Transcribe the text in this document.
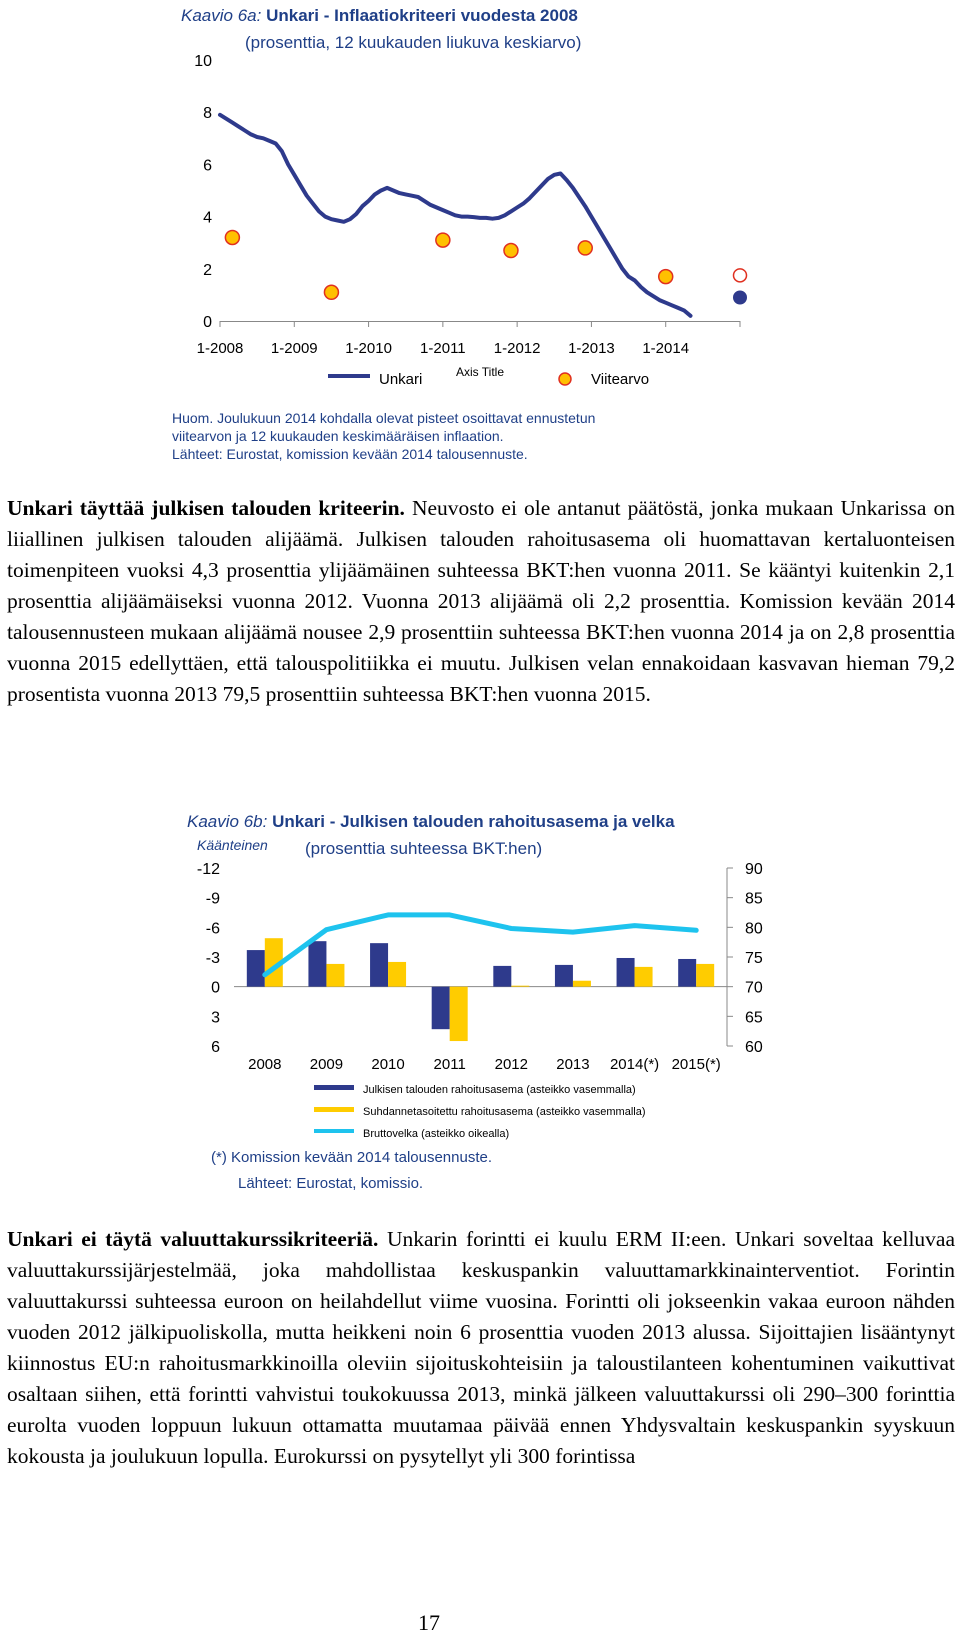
Kaavio 6a: Unkari - Inflaatiokriteeri vuodesta 2008
(prosenttia, 12 kuukauden liukuva keskiarvo)
0
2
4
6
8
10
1-2008 1-2009 1-2010 1-2011 1-2012 1-2013 1-2014
Unkari	Axis Title	Viitearvo
Huom. Joulukuun 2014 kohdalla olevat pisteet osoittavat ennustetun
viitearvon ja 12 kuukauden keskimääräisen inflaation.
Lähteet: Eurostat, komission kevään 2014 talousennuste.
Unkari täyttää julkisen talouden kriteerin. Neuvosto ei ole antanut päätöstä, jonka mukaan Unkarissa on liiallinen julkisen talouden alijäämä. Julkisen talouden rahoitusasema oli huomattavan kertaluonteisen toimenpiteen vuoksi 4,3 prosenttia ylijäämäinen suhteessa BKT:hen vuonna 2011. Se kääntyi kuitenkin 2,1 prosenttia alijäämäiseksi vuonna 2012. Vuonna 2013 alijäämä oli 2,2 prosenttia. Komission kevään 2014 talousennusteen mukaan alijäämä nousee 2,9 prosenttiin suhteessa BKT:hen vuonna 2014 ja on 2,8 prosenttia vuonna 2015 edellyttäen, että talouspolitiikka ei muutu. Julkisen velan ennakoidaan kasvavan hieman 79,2 prosentista vuonna 2013 79,5 prosenttiin suhteessa BKT:hen vuonna 2015.
Kaavio 6b: Unkari - Julkisen talouden rahoitusasema ja velka
Käänteinen (prosenttia suhteessa BKT:hen)
-12
-9
-6
-3
0
3
6	60
65
70
75
80
85
90
2008 2009 2010 2011 2012 2013 2014(*) 2015(*)
Julkisen talouden rahoitusasema (asteikko vasemmalla)
Suhdannetasoitettu rahoitusasema (asteikko vasemmalla)
Bruttovelka (asteikko oikealla)
(*) Komission kevään 2014 talousennuste.
Lähteet: Eurostat, komissio.
Unkari ei täytä valuuttakurssikriteeriä. Unkarin forintti ei kuulu ERM II:een. Unkari soveltaa kelluvaa valuuttakurssijärjestelmää, joka mahdollistaa keskuspankin valuuttamarkkinainterventiot. Forintin valuuttakurssi suhteessa euroon on heilahdellut viime vuosina. Forintti oli jokseenkin vakaa euroon nähden vuoden 2012 jälkipuoliskolla, mutta heikkeni noin 6 prosenttia vuoden 2013 alussa. Sijoittajien lisääntynyt kiinnostus EU:n rahoitusmarkkinoilla oleviin sijoituskohteisiin ja taloustilanteen kohentuminen vaikuttivat osaltaan siihen, että forintti vahvistui toukokuussa 2013, minkä jälkeen valuuttakurssi oli 290–300 forinttia eurolta vuoden loppuun lukuun ottamatta muutamaa päivää ennen Yhdysvaltain keskuspankin syyskuun kokousta ja joulukuun lopulla. Eurokurssi on pysytellyt yli 300 forintissa
17
